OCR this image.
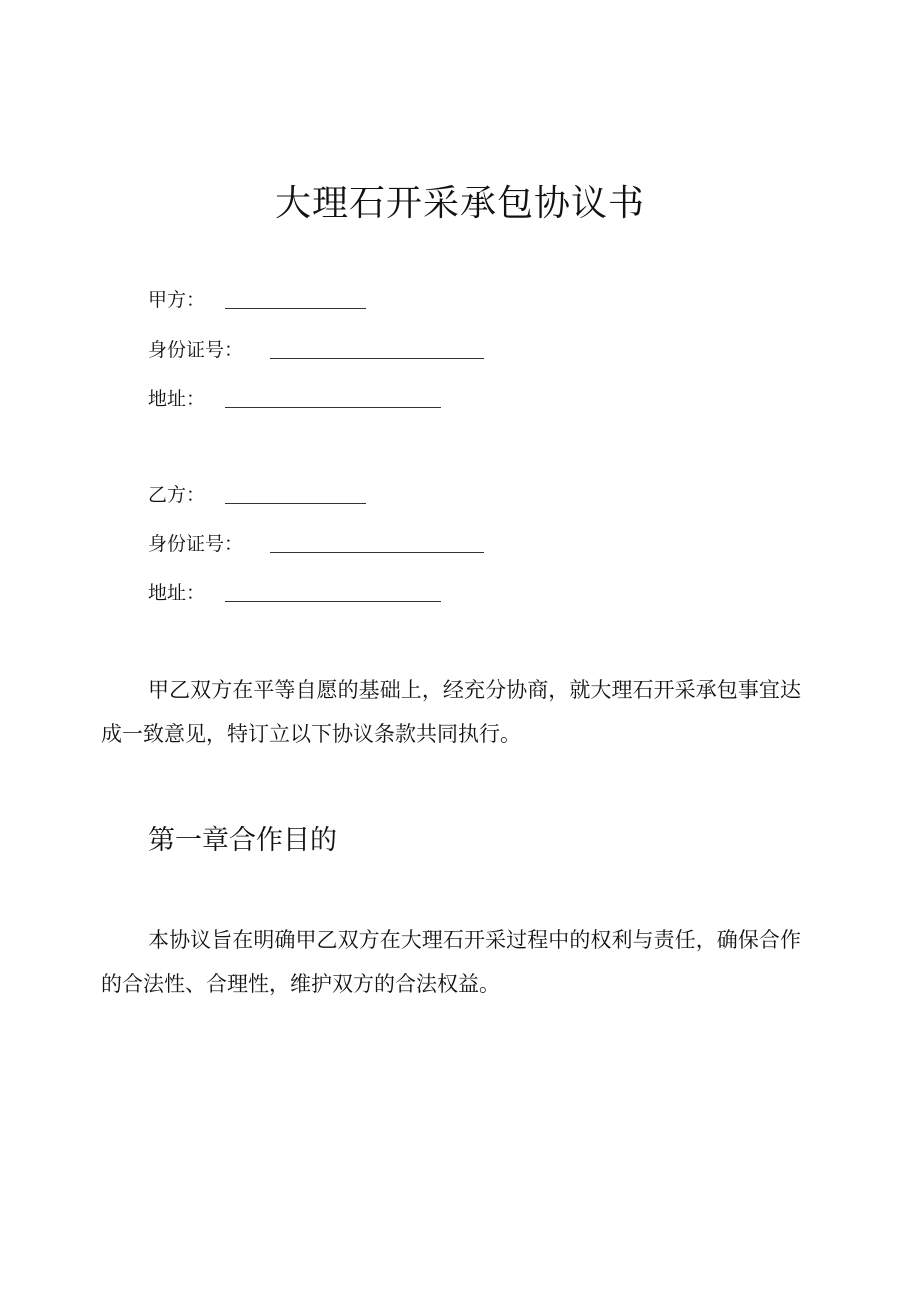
大理石开采承包协议书
甲方：
身份证号：
地址：
乙方：
身份证号：
地址：

甲乙双方在平等自愿的基础上，经充分协商，就大理石开采承包事宜达成一致意见，特订立以下协议条款共同执行。

第一章合作目的

本协议旨在明确甲乙双方在大理石开采过程中的权利与责任，确保合作的合法性、合理性，维护双方的合法权益。
